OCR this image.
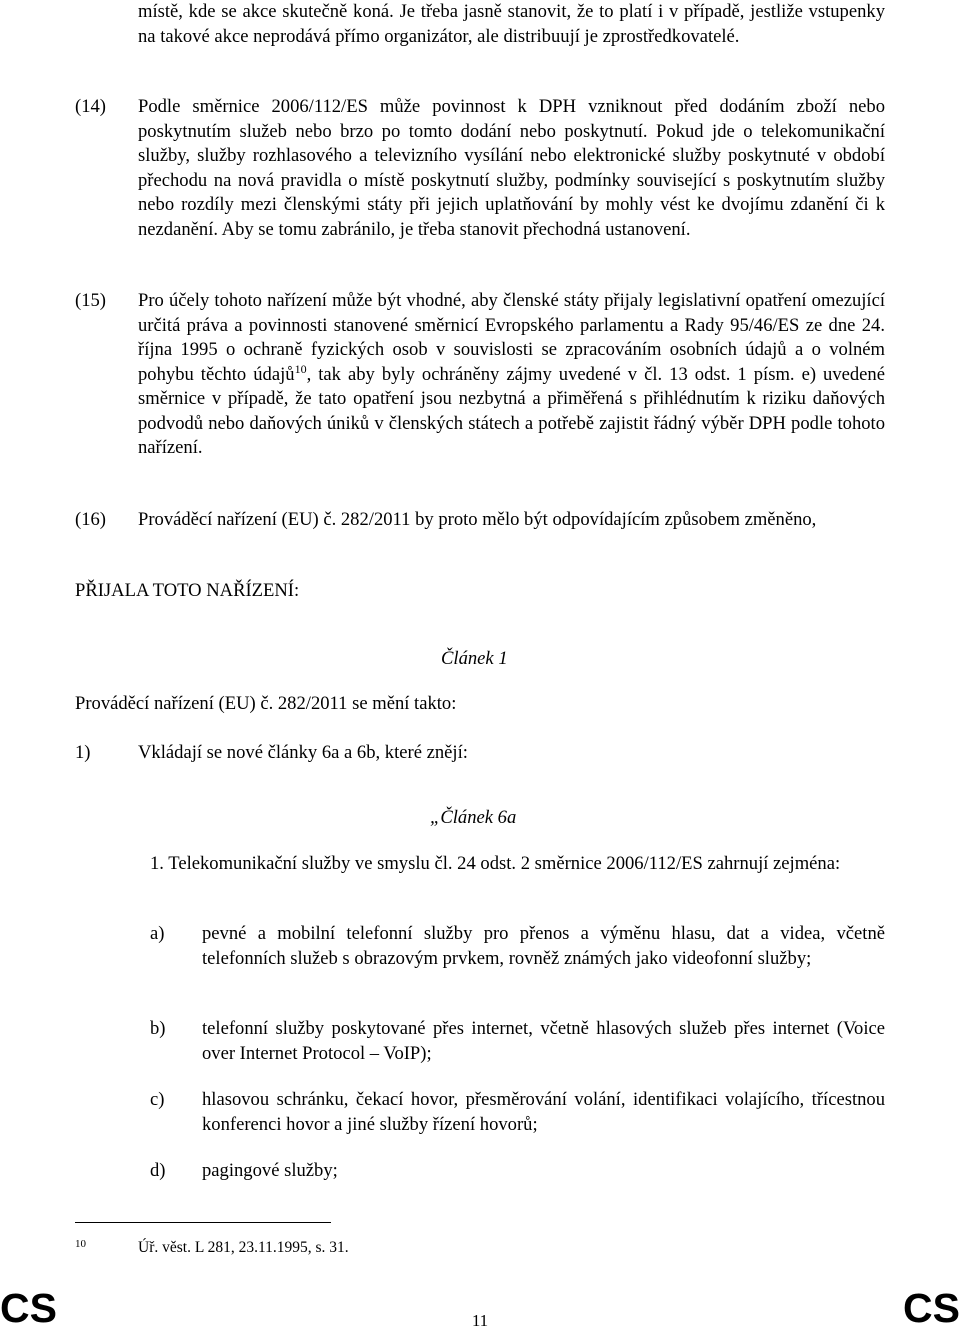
místě, kde se akce skutečně koná. Je třeba jasně stanovit, že to platí i v případě, jestliže vstupenky na takové akce neprodává přímo organizátor, ale distribuují je zprostředkovatelé.
(14) Podle směrnice 2006/112/ES může povinnost k DPH vzniknout před dodáním zboží nebo poskytnutím služeb nebo brzo po tomto dodání nebo poskytnutí. Pokud jde o telekomunikační služby, služby rozhlasového a televizního vysílání nebo elektronické služby poskytnuté v období přechodu na nová pravidla o místě poskytnutí služby, podmínky související s poskytnutím služby nebo rozdíly mezi členskými státy při jejich uplatňování by mohly vést ke dvojímu zdanění či k nezdanění. Aby se tomu zabránilo, je třeba stanovit přechodná ustanovení.
(15) Pro účely tohoto nařízení může být vhodné, aby členské státy přijaly legislativní opatření omezující určitá práva a povinnosti stanovené směrnicí Evropského parlamentu a Rady 95/46/ES ze dne 24. října 1995 o ochraně fyzických osob v souvislosti se zpracováním osobních údajů a o volném pohybu těchto údajů$^{10}$, tak aby byly ochráněny zájmy uvedené v čl. 13 odst. 1 písm. e) uvedené směrnice v případě, že tato opatření jsou nezbytná a přiměřená s přihlédnutím k riziku daňových podvodů nebo daňových úniků v členských státech a potřebě zajistit řádný výběr DPH podle tohoto nařízení.
(16) Prováděcí nařízení (EU) č. 282/2011 by proto mělo být odpovídajícím způsobem změněno,
PŘIJALA TOTO NAŘÍZENÍ:
Článek 1
Prováděcí nařízení (EU) č. 282/2011 se mění takto:
1)	Vkládají se nové články 6a a 6b, které znějí:
„Článek 6a
1. Telekomunikační služby ve smyslu čl. 24 odst. 2 směrnice 2006/112/ES zahrnují zejména:
a) pevné a mobilní telefonní služby pro přenos a výměnu hlasu, dat a videa, včetně telefonních služeb s obrazovým prvkem, rovněž známých jako videofonní služby;
b) telefonní služby poskytované přes internet, včetně hlasových služeb přes internet (Voice over Internet Protocol – VoIP);
c) hlasovou schránku, čekací hovor, přesměrování volání, identifikaci volajícího, třícestnou konferenci hovor a jiné služby řízení hovorů;
d) pagingové služby;
10	Úř. věst. L 281, 23.11.1995, s. 31.
CS	11	CS
